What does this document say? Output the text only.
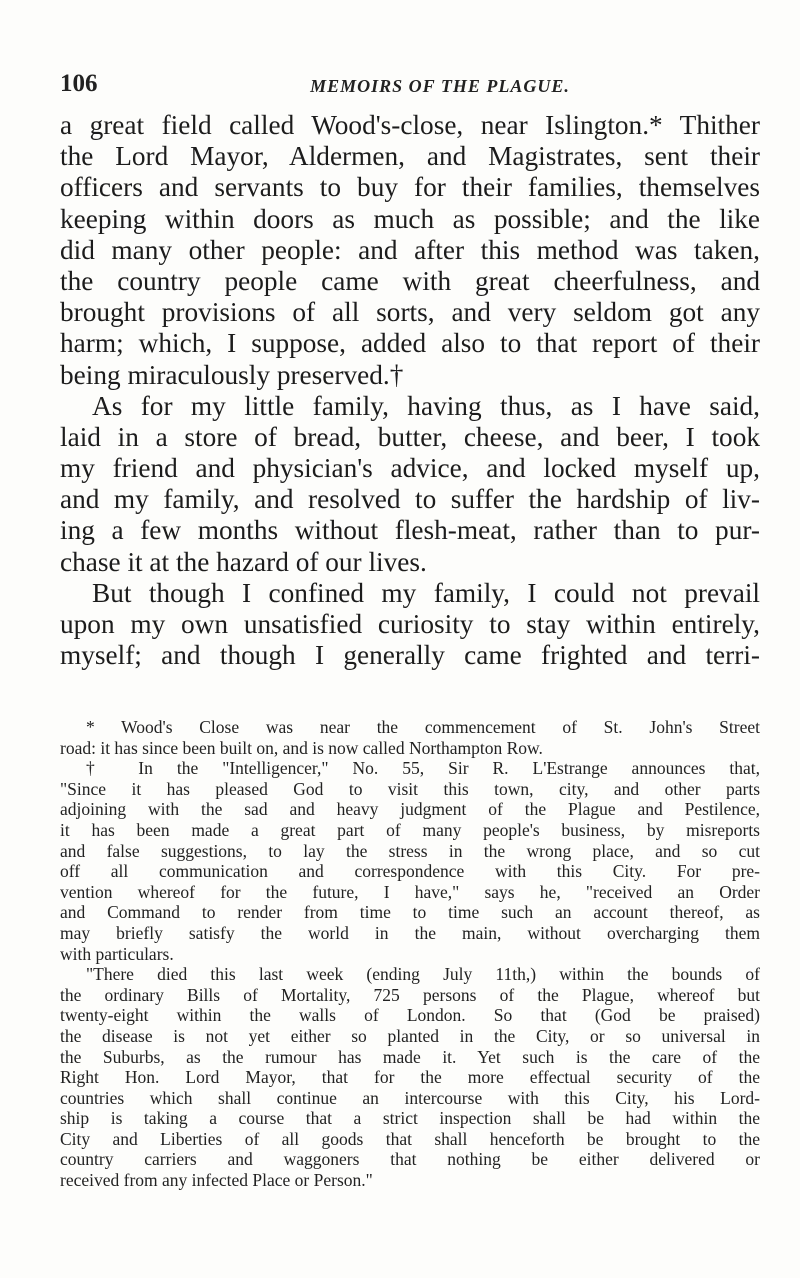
106	MEMOIRS OF THE PLAGUE.
a great field called Wood's-close, near Islington.* Thither
the Lord Mayor, Aldermen, and Magistrates, sent their
officers and servants to buy for their families, themselves
keeping within doors as much as possible; and the like
did many other people: and after this method was taken,
the country people came with great cheerfulness, and
brought provisions of all sorts, and very seldom got any
harm; which, I suppose, added also to that report of their
being miraculously preserved.†
As for my little family, having thus, as I have said,
laid in a store of bread, butter, cheese, and beer, I took
my friend and physician's advice, and locked myself up,
and my family, and resolved to suffer the hardship of liv-
ing a few months without flesh-meat, rather than to pur-
chase it at the hazard of our lives.
But though I confined my family, I could not prevail
upon my own unsatisfied curiosity to stay within entirely,
myself; and though I generally came frighted and terri-
* Wood's Close was near the commencement of St. John's Street
road: it has since been built on, and is now called Northampton Row.
† In the "Intelligencer," No. 55, Sir R. L'Estrange announces that,
"Since it has pleased God to visit this town, city, and other parts
adjoining with the sad and heavy judgment of the Plague and Pestilence,
it has been made a great part of many people's business, by misreports
and false suggestions, to lay the stress in the wrong place, and so cut
off all communication and correspondence with this City. For pre-
vention whereof for the future, I have," says he, "received an Order
and Command to render from time to time such an account thereof, as
may briefly satisfy the world in the main, without overcharging them
with particulars.
"There died this last week (ending July 11th,) within the bounds of
the ordinary Bills of Mortality, 725 persons of the Plague, whereof but
twenty-eight within the walls of London. So that (God be praised)
the disease is not yet either so planted in the City, or so universal in
the Suburbs, as the rumour has made it. Yet such is the care of the
Right Hon. Lord Mayor, that for the more effectual security of the
countries which shall continue an intercourse with this City, his Lord-
ship is taking a course that a strict inspection shall be had within the
City and Liberties of all goods that shall henceforth be brought to the
country carriers and waggoners that nothing be either delivered or
received from any infected Place or Person."
